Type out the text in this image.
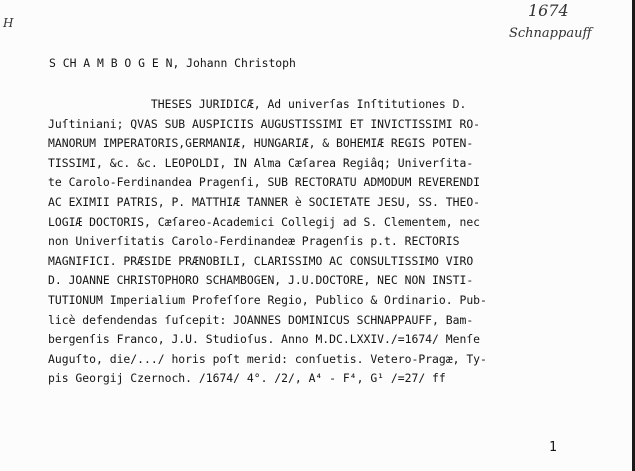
H
1674
Schnappauff
S CH A M B O G E N, Johann Christoph
THESES JURIDICÆ, Ad univerſas Inſtitutiones D.
Juſtiniani; QVAS SUB AUSPICIIS AUGUSTISSIMI ET INVICTISSIMI RO-
MANORUM IMPERATORIS,GERMANIÆ, HUNGARIÆ, & BOHEMIÆ REGIS POTEN-
TISSIMI, &c. &c. LEOPOLDI, IN Alma Cæſarea Regiâq; Univerſita-
te Carolo-Ferdinandea Pragenſi, SUB RECTORATU ADMODUM REVERENDI
AC EXIMII PATRIS, P. MATTHIÆ TANNER è SOCIETATE JESU, SS. THEO-
LOGIÆ DOCTORIS, Cæſareo-Academici Collegij ad S. Clementem, nec
non Univerſitatis Carolo-Ferdinandeæ Pragenſis p.t. RECTORIS
MAGNIFICI. PRÆSIDE PRÆNOBILI, CLARISSIMO AC CONSULTISSIMO VIRO
D. JOANNE CHRISTOPHORO SCHAMBOGEN, J.U.DOCTORE, NEC NON INSTI-
TUTIONUM Imperialium Profeſſore Regio, Publico & Ordinario. Pub-
licè defendendas ſuſcepit: JOANNES DOMINICUS SCHNAPPAUFF, Bam-
bergenſis Franco, J.U. Studioſus. Anno M.DC.LXXIV./=1674/ Menſe
Auguſto, die/.../ horis poſt merid: conſuetis. Vetero-Pragæ, Ty-
pis Georgij Czernoch. /1674/ 4°. /2/, A⁴ - F⁴, G¹ /=27/ ff
1
